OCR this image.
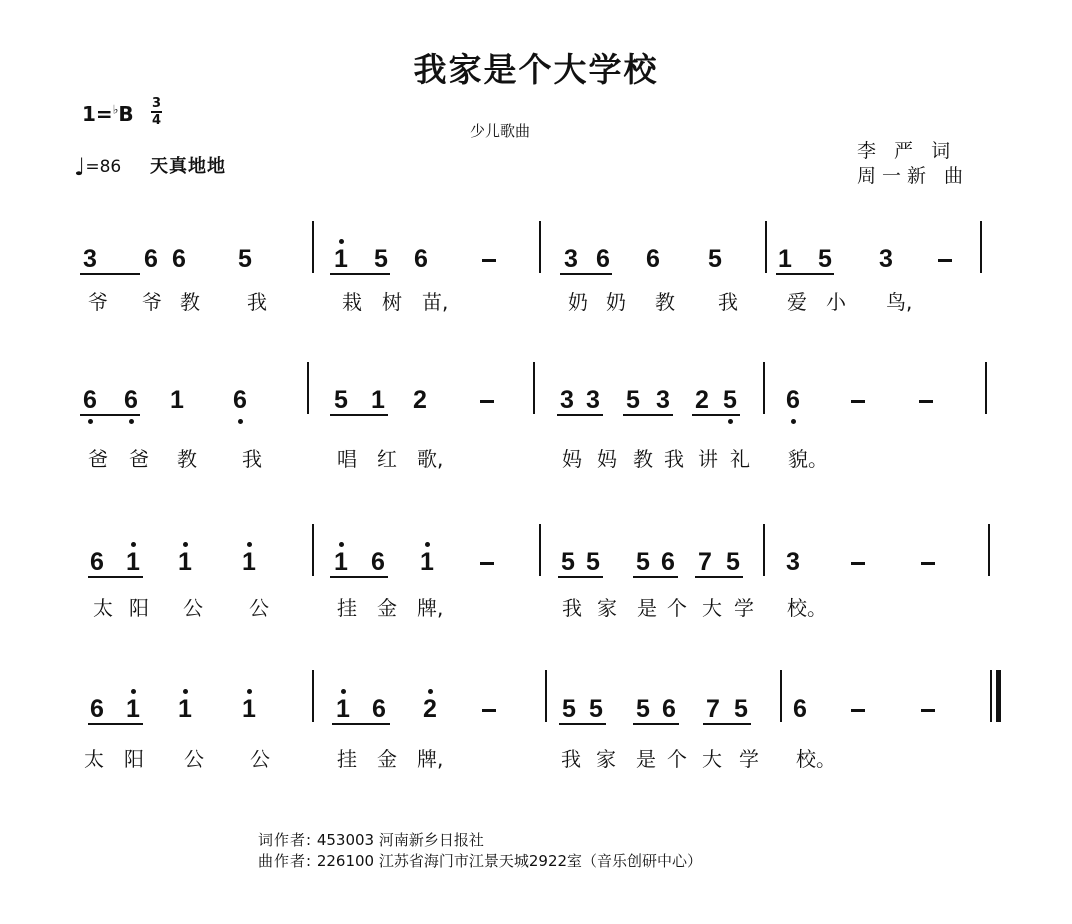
我家是个大学校
少儿歌曲
1=♭B 3
4
♩=86 天真地地
李 严 词
周一新 曲
3 6 6 5	1 5 6	3 6 6 5 1 5 3
爷 爷 教 我	栽 树 苗,	奶 奶 教 我 爱 小 鸟,
6 6 1 6	5 1 2	3 3 5 3 2 5 6
爸 爸 教 我	唱 红 歌,	妈 妈 教 我 讲 礼 貌。
6 1 1 1	1 6 1	5 5 5 6 7 5 3
太 阳 公 公	挂 金 牌,	我 家 是 个 大 学 校。
6 1 1 1	1 6 2	5 5 5 6 7 5 6
太 阳 公 公	挂 金 牌,	我 家 是 个 大 学 校。
词作者: 453003 河南新乡日报社
曲作者: 226100 江苏省海门市江景天城2922室（音乐创研中心）
